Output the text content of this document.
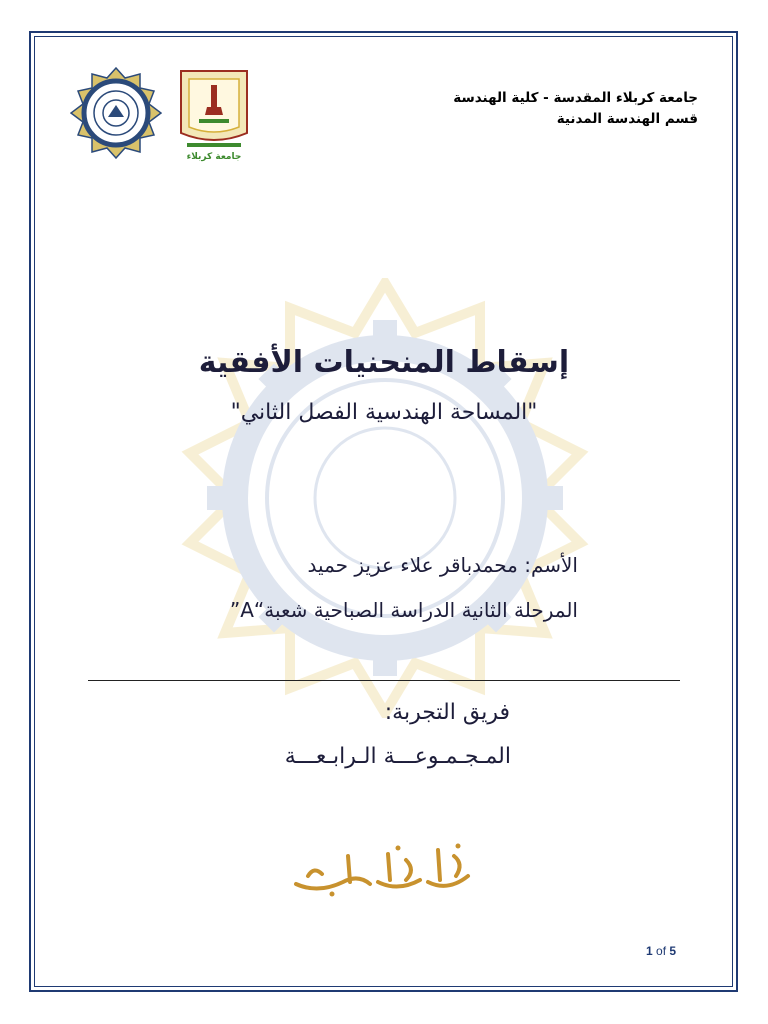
جامعة كربلاء المقدسة - كلية الهندسة
قسم الهندسة المدنية
جامعة كربلاء
إسقاط المنحنيات الأفقية
"المساحة الهندسية الفصل الثاني"
الأسم: محمدباقر علاء عزيز حميد
المرحلة الثانية الدراسة الصباحية شعبة“A”
فريق التجربة:
المـجـمـوعـــة الـرابـعـــة
1 of 5
